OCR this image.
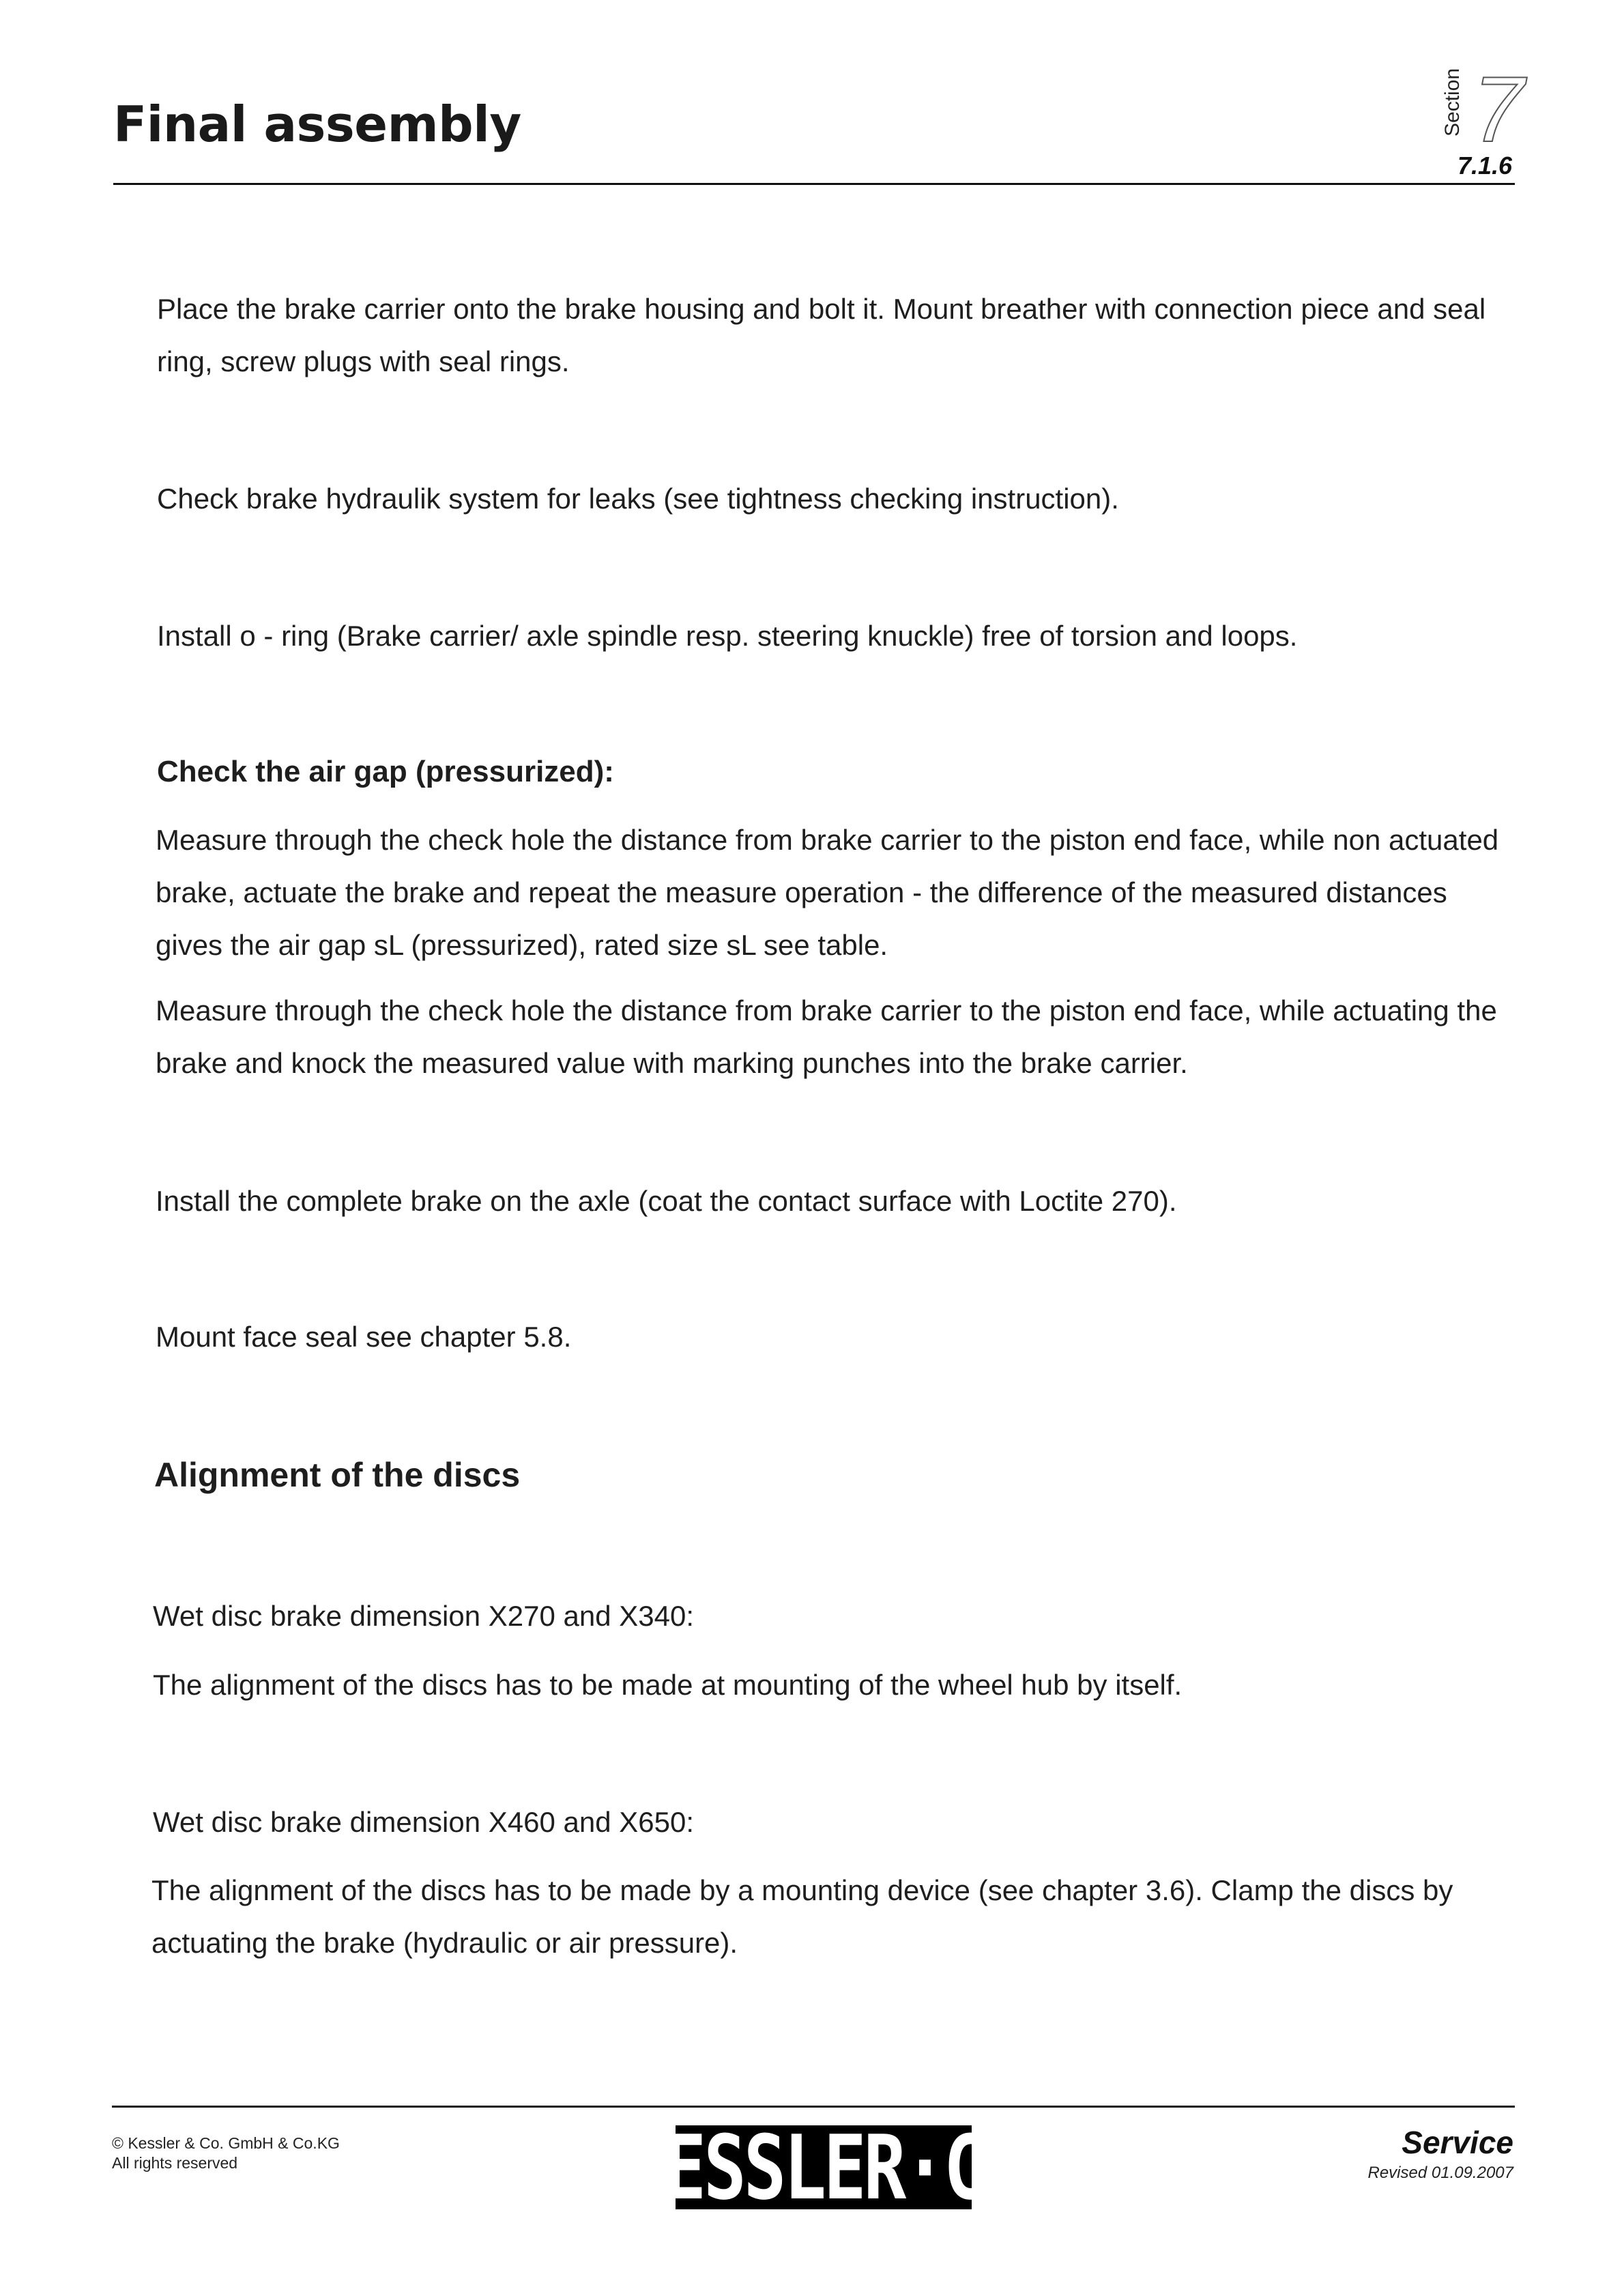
Final assembly	Section 7
7.1.6

Place the brake carrier onto the brake housing and bolt it. Mount breather with connection piece and seal ring, screw plugs with seal rings.

Check brake hydraulik system for leaks (see tightness checking instruction).

Install o - ring (Brake carrier/ axle spindle resp. steering knuckle) free of torsion and loops.

Check the air gap (pressurized):

Measure through the check hole the distance from brake carrier to the piston end face, while non actuated brake, actuate the brake and repeat the measure operation - the difference of the measured distances gives the air gap sL (pressurized), rated size sL see table.

Measure through the check hole the distance from brake carrier to the piston end face, while actuating the brake and knock the measured value with marking punches into the brake carrier.

Install the complete brake on the axle (coat the contact surface with Loctite 270).

Mount face seal see chapter 5.8.

Alignment of the discs

Wet disc brake dimension X270 and X340:

The alignment of the discs has to be made at mounting of the wheel hub by itself.

Wet disc brake dimension X460 and X650:

The alignment of the discs has to be made by a mounting device (see chapter 3.6). Clamp the discs by actuating the brake (hydraulic or air pressure).

© Kessler & Co. GmbH & Co.KG
All rights reserved	KESSLER·CO	Service
Revised 01.09.2007
